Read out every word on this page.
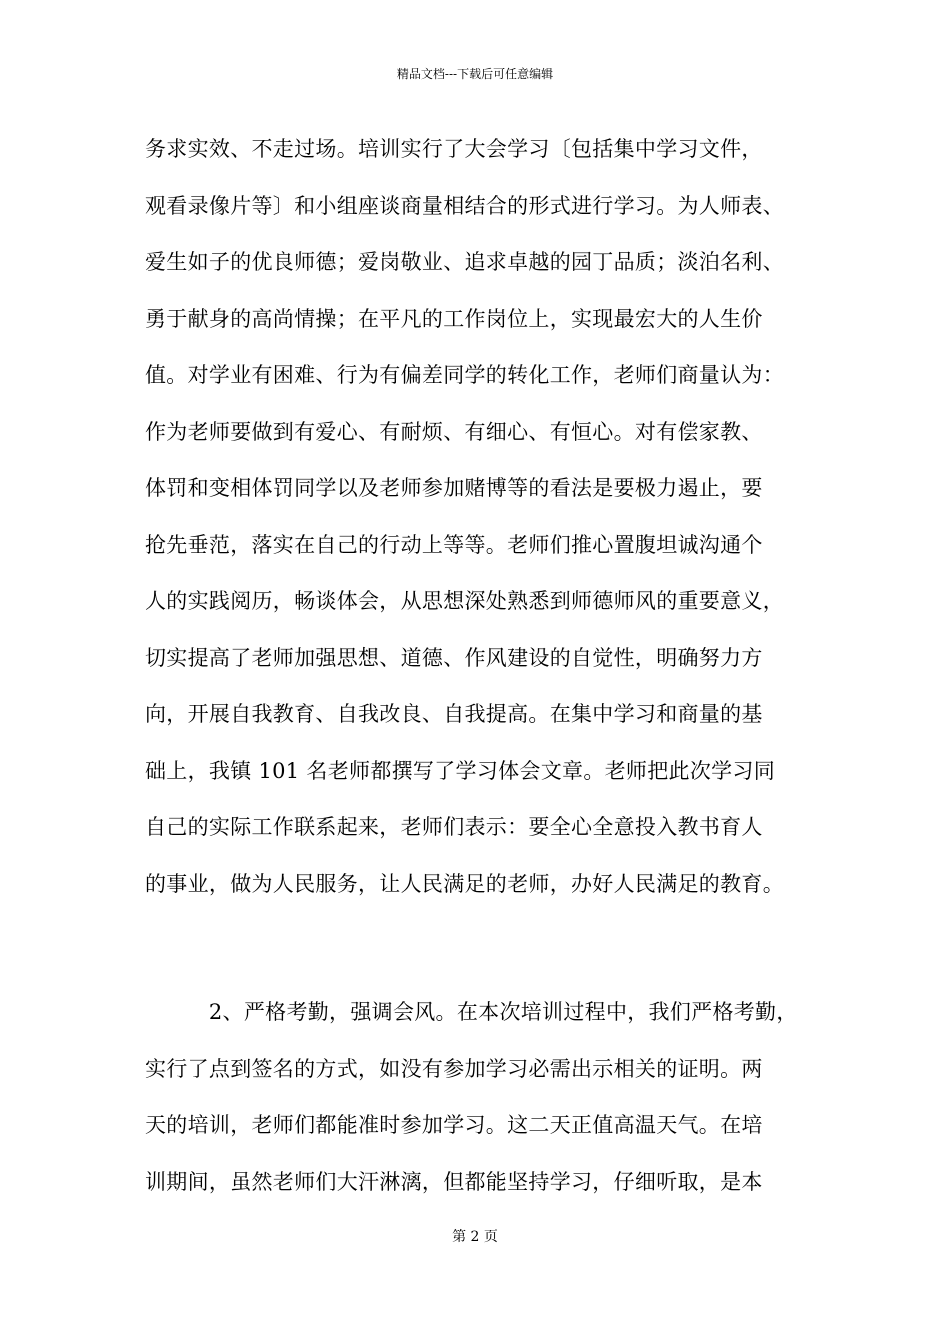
精品文档---下载后可任意编辑
务求实效、不走过场。培训实行了大会学习〔包括集中学习文件，
观看录像片等〕和小组座谈商量相结合的形式进行学习。为人师表、
爱生如子的优良师德；爱岗敬业、追求卓越的园丁品质；淡泊名利、
勇于献身的高尚情操；在平凡的工作岗位上，实现最宏大的人生价
值。对学业有困难、行为有偏差同学的转化工作，老师们商量认为：
作为老师要做到有爱心、有耐烦、有细心、有恒心。对有偿家教、
体罚和变相体罚同学以及老师参加赌博等的看法是要极力遏止，要
抢先垂范，落实在自己的行动上等等。老师们推心置腹坦诚沟通个
人的实践阅历，畅谈体会，从思想深处熟悉到师德师风的重要意义，
切实提高了老师加强思想、道德、作风建设的自觉性，明确努力方
向，开展自我教育、自我改良、自我提高。在集中学习和商量的基
础上，我镇 101 名老师都撰写了学习体会文章。老师把此次学习同
自己的实际工作联系起来，老师们表示：要全心全意投入教书育人
的事业，做为人民服务，让人民满足的老师，办好人民满足的教育。
　　　2、严格考勤，强调会风。在本次培训过程中，我们严格考勤，
实行了点到签名的方式，如没有参加学习必需出示相关的证明。两
天的培训，老师们都能准时参加学习。这二天正值高温天气。在培
训期间，虽然老师们大汗淋漓，但都能坚持学习，仔细听取，是本
第 2 页
